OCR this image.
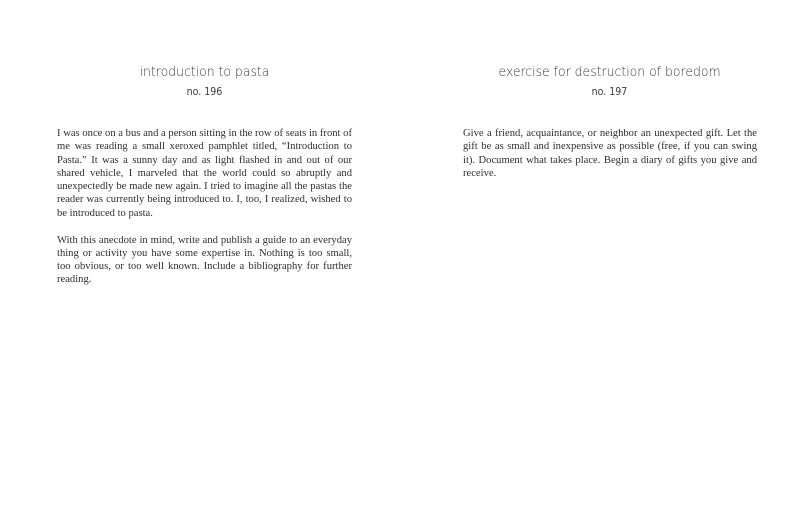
introduction to pasta
no. 196

I was once on a bus and a person sitting in the row of seats in front of me was reading a small xeroxed pamphlet titled, “Introduction to Pasta.” It was a sunny day and as light flashed in and out of our shared vehicle, I marveled that the world could so abruptly and unexpectedly be made new again. I tried to imagine all the pastas the reader was currently being introduced to. I, too, I realized, wished to be introduced to pasta.

With this anecdote in mind, write and publish a guide to an everyday thing or activity you have some expertise in. Nothing is too small, too obvious, or too well known. Include a bibliography for further reading.

exercise for destruction of boredom
no. 197

Give a friend, acquaintance, or neighbor an unexpected gift. Let the gift be as small and inexpensive as possible (free, if you can swing it). Document what takes place. Begin a diary of gifts you give and receive.
